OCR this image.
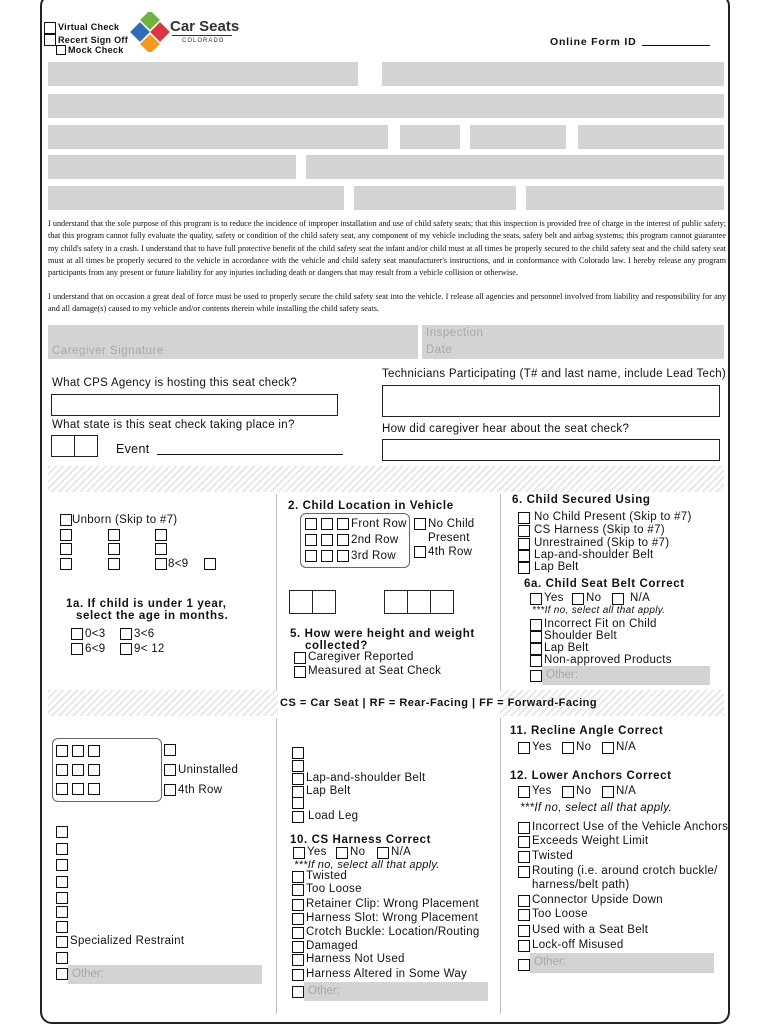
Virtual Check
Recert Sign Off
Mock Check
Car Seats
COLORADO	Online Form ID
I understand that the sole purpose of this program is to reduce the incidence of improper installation and use of child safety seats; that this inspection is provided free of charge in the interest of public safety; that this program cannot fully evaluate the quality, safety or condition of the child safety seat, any component of my vehicle including the seats, safety belt and airbag systems; this program cannot guarantee my child's safety in a crash. I understand that to have full protective benefit of the child safety seat the infant and/or child must at all times be properly secured to the child safety seat and the child safety seat must at all times be properly secured to the vehicle in accordance with the vehicle and child safety seat manufacturer's instructions, and in conformance with Colorado law. I hereby release any program participants from any present or future liability for any injuries including death or dangers that may result from a vehicle collision or otherwise.
I understand that on occasion a great deal of force must be used to properly secure the child safety seat into the vehicle. I release all agencies and personnel involved from liability and responsibility for any and all damage(s) caused to my vehicle and/or contents therein while installing the child safety seats.
Caregiver Signature
Inspection
Date
What CPS Agency is hosting this seat check?
What state is this seat check taking place in?
Event
Technicians Participating (T# and last name, include Lead Tech)
How did caregiver hear about the seat check?
Unborn (Skip to #7)
8<9
1a. If child is under 1 year,
select the age in months.
0<3 3<6
6<9 9< 12
2. Child Location in Vehicle
Front Row
2nd Row
3rd Row
No Child
Present
4th Row
5. How were height and weight
collected?
Caregiver Reported
Measured at Seat Check
6. Child Secured Using
No Child Present (Skip to #7)
CS Harness (Skip to #7)
Unrestrained (Skip to #7)
Lap-and-shoulder Belt
Lap Belt
6a. Child Seat Belt Correct
Yes No N/A
***If no, select all that apply.
Incorrect Fit on Child
Shoulder Belt
Lap Belt
Non-approved Products
Other:
CS = Car Seat | RF = Rear-Facing | FF = Forward-Facing
Uninstalled
4th Row
Specialized Restraint
Other:
Lap-and-shoulder Belt
Lap Belt
Load Leg
10. CS Harness Correct
Yes No N/A
***If no, select all that apply.
Twisted
Too Loose
Retainer Clip: Wrong Placement
Harness Slot: Wrong Placement
Crotch Buckle: Location/Routing
Damaged
Harness Not Used
Harness Altered in Some Way
Other:
11. Recline Angle Correct
Yes No N/A
12. Lower Anchors Correct
Yes No N/A
***If no, select all that apply.
Incorrect Use of the Vehicle Anchors
Exceeds Weight Limit
Twisted
Routing (i.e. around crotch buckle/
harness/belt path)
Connector Upside Down
Too Loose
Used with a Seat Belt
Lock-off Misused
Other:
